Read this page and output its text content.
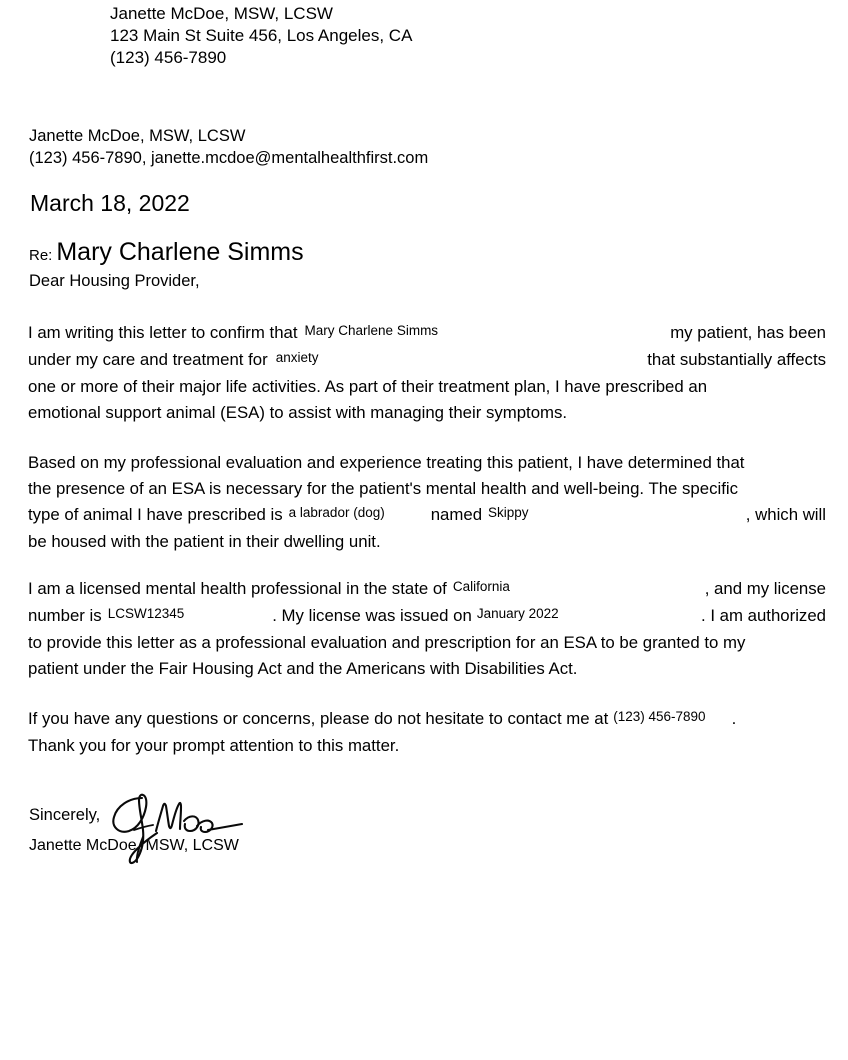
Janette McDoe, MSW, LCSW
123 Main St Suite 456, Los Angeles, CA
(123) 456-7890
Janette McDoe, MSW, LCSW
(123) 456-7890, janette.mcdoe@mentalhealthfirst.com
March 18, 2022
Re: Mary Charlene Simms
Dear Housing Provider,
I am writing this letter to confirm that Mary Charlene Simms	my patient, has been
under my care and treatment for anxiety	that substantially affects
one or more of their major life activities. As part of their treatment plan, I have prescribed an
emotional support animal (ESA) to assist with managing their symptoms.
Based on my professional evaluation and experience treating this patient, I have determined that
the presence of an ESA is necessary for the patient's mental health and well-being. The specific
type of animal I have prescribed is a labrador (dog)	named Skippy	, which will
be housed with the patient in their dwelling unit.
I am a licensed mental health professional in the state of California	, and my license
number is LCSW12345	. My license was issued on January 2022	. I am authorized
to provide this letter as a professional evaluation and prescription for an ESA to be granted to my
patient under the Fair Housing Act and the Americans with Disabilities Act.
If you have any questions or concerns, please do not hesitate to contact me at (123) 456-7890 .
Thank you for your prompt attention to this matter.
Sincerely,
Janette McDoe, MSW, LCSW
